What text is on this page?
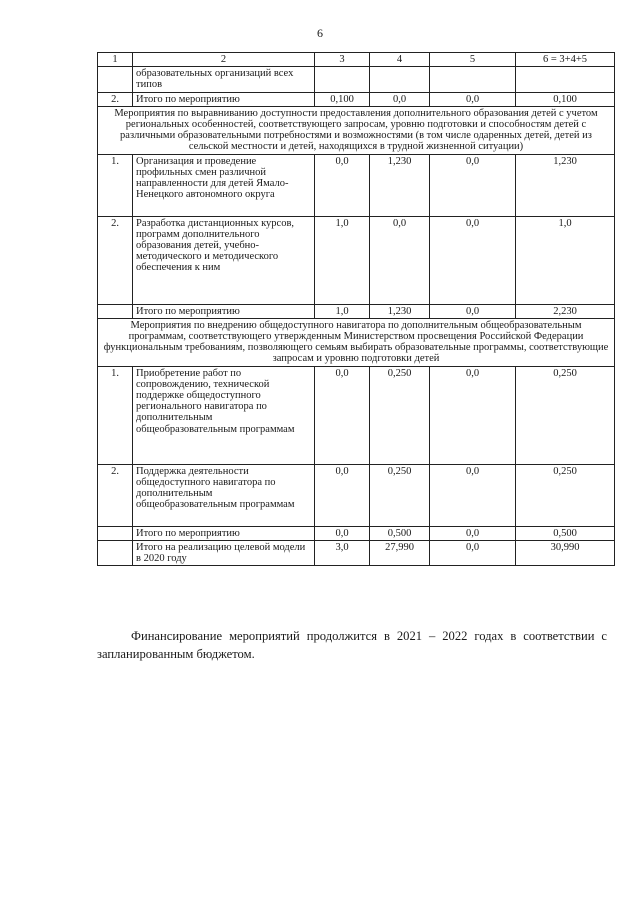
6
1	2	3	4	5	6 = 3+4+5
	образовательных организаций всех типов				
2.	Итого по мероприятию	0,100	0,0	0,0	0,100
Мероприятия по выравниванию доступности предоставления дополнительного образования детей с учетом региональных особенностей, соответствующего запросам, уровню подготовки и способностям детей с различными образовательными потребностями и возможностями (в том числе одаренных детей, детей из сельской местности и детей, находящихся в трудной жизненной ситуации)					
1.	Организация и проведение профильных смен различной направленности для детей Ямало-Ненецкого автономного округа	0,0	1,230	0,0	1,230
2.	Разработка дистанционных курсов, программ дополнительного образования детей, учебно-методического и методического обеспечения к ним	1,0	0,0	0,0	1,0
	Итого по мероприятию	1,0	1,230	0,0	2,230
Мероприятия по внедрению общедоступного навигатора по дополнительным общеобразовательным программам, соответствующего утвержденным Министерством просвещения Российской Федерации функциональным требованиям, позволяющего семьям выбирать образовательные программы, соответствующие запросам и уровню подготовки детей					
1.	Приобретение работ по сопровождению, технической поддержке общедоступного регионального навигатора по дополнительным общеобразовательным программам	0,0	0,250	0,0	0,250
2.	Поддержка деятельности общедоступного навигатора по дополнительным общеобразовательным программам	0,0	0,250	0,0	0,250
	Итого по мероприятию	0,0	0,500	0,0	0,500
	Итого на реализацию целевой модели в 2020 году	3,0	27,990	0,0	30,990

Финансирование мероприятий продолжится в 2021 – 2022 годах в соответствии с запланированным бюджетом.
